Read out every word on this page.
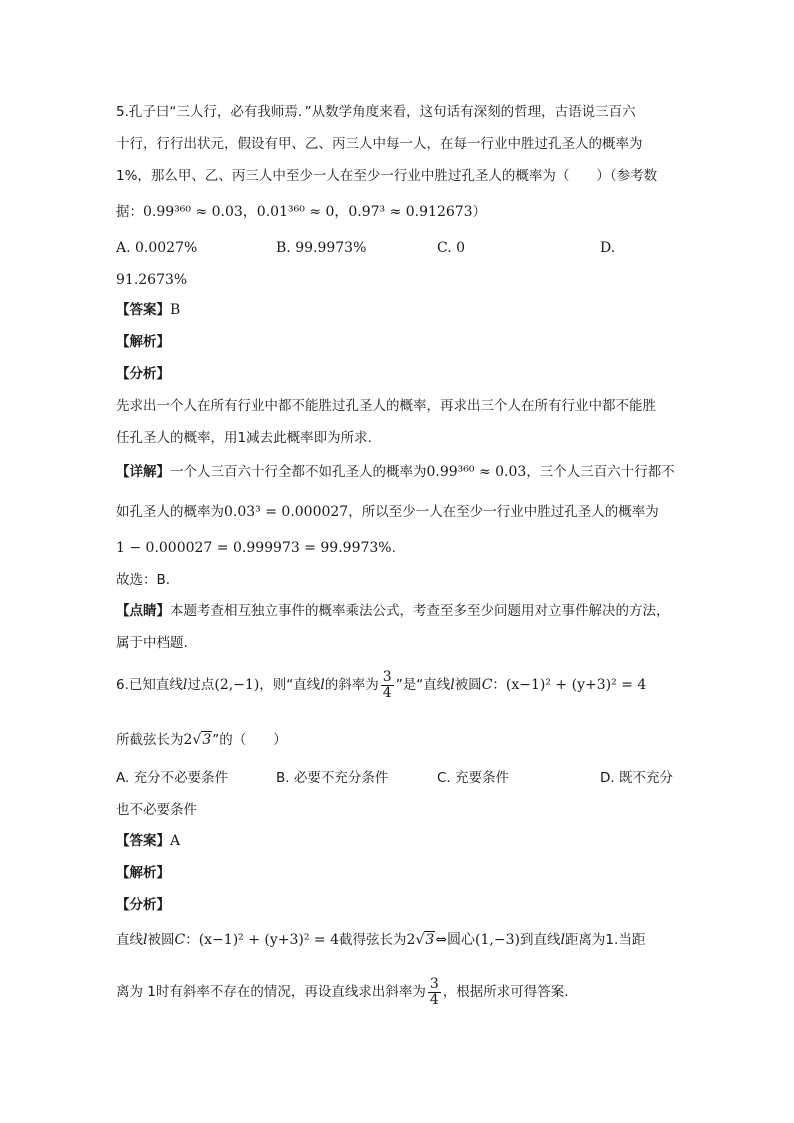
5.孔子曰“三人行，必有我师焉．”从数学角度来看，这句话有深刻的哲理，古语说三百六
十行，行行出状元，假设有甲、乙、丙三人中每一人，在每一行业中胜过孔圣人的概率为
1%，那么甲、乙、丙三人中至少一人在至少一行业中胜过孔圣人的概率为（　　）（参考数
据：0.99³⁶⁰ ≈ 0.03，0.01³⁶⁰ ≈ 0，0.97³ ≈ 0.912673）
A. 0.0027%	B. 99.9973%	C. 0	D.
91.2673%
【答案】B
【解析】
【分析】
先求出一个人在所有行业中都不能胜过孔圣人的概率，再求出三个人在所有行业中都不能胜
任孔圣人的概率，用1减去此概率即为所求.
【详解】一个人三百六十行全都不如孔圣人的概率为0.99³⁶⁰ ≈ 0.03，三个人三百六十行都不
如孔圣人的概率为0.03³ = 0.000027，所以至少一人在至少一行业中胜过孔圣人的概率为
1 − 0.000027 = 0.999973 = 99.9973%.
故选：B.
【点睛】本题考查相互独立事件的概率乘法公式，考查至多至少问题用对立事件解决的方法，
属于中档题.
6.已知直线l过点(2,−1)，则“直线l的斜率为 $\frac{3}{4}$ ”是“直线l被圆C：(x−1)² + (y+3)² = 4
所截弦长为2√3”的（　　）
A. 充分不必要条件	B. 必要不充分条件	C. 充要条件	D. 既不充分
也不必要条件
【答案】A
【解析】
【分析】
直线l被圆C：(x−1)² + (y+3)² = 4截得弦长为2√3⇔圆心(1,−3)到直线l距离为1.当距
离为 1时有斜率不存在的情况，再设直线求出斜率为 $\frac{3}{4}$ ，根据所求可得答案.
